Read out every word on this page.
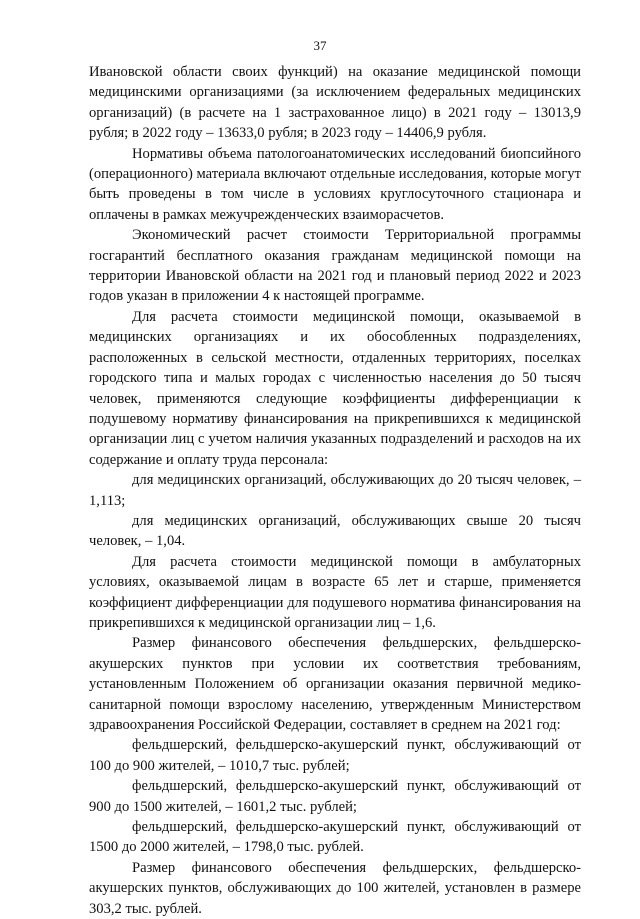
37

Ивановской области своих функций) на оказание медицинской помощи медицинскими организациями (за исключением федеральных медицинских организаций) (в расчете на 1 застрахованное лицо) в 2021 году – 13013,9 рубля; в 2022 году – 13633,0 рубля; в 2023 году – 14406,9 рубля.

Нормативы объема патологоанатомических исследований биопсийного (операционного) материала включают отдельные исследования, которые могут быть проведены в том числе в условиях круглосуточного стационара и оплачены в рамках межучрежденческих взаиморасчетов.

Экономический расчет стоимости Территориальной программы госгарантий бесплатного оказания гражданам медицинской помощи на территории Ивановской области на 2021 год и плановый период 2022 и 2023 годов указан в приложении 4 к настоящей программе.

Для расчета стоимости медицинской помощи, оказываемой в медицинских организациях и их обособленных подразделениях, расположенных в сельской местности, отдаленных территориях, поселках городского типа и малых городах с численностью населения до 50 тысяч человек, применяются следующие коэффициенты дифференциации к подушевому нормативу финансирования на прикрепившихся к медицинской организации лиц с учетом наличия указанных подразделений и расходов на их содержание и оплату труда персонала:

для медицинских организаций, обслуживающих до 20 тысяч человек, – 1,113;

для медицинских организаций, обслуживающих свыше 20 тысяч человек, – 1,04.

Для расчета стоимости медицинской помощи в амбулаторных условиях, оказываемой лицам в возрасте 65 лет и старше, применяется коэффициент дифференциации для подушевого норматива финансирования на прикрепившихся к медицинской организации лиц – 1,6.

Размер финансового обеспечения фельдшерских, фельдшерско-акушерских пунктов при условии их соответствия требованиям, установленным Положением об организации оказания первичной медико-санитарной помощи взрослому населению, утвержденным Министерством здравоохранения Российской Федерации, составляет в среднем на 2021 год:

фельдшерский, фельдшерско-акушерский пункт, обслуживающий от 100 до 900 жителей, – 1010,7 тыс. рублей;

фельдшерский, фельдшерско-акушерский пункт, обслуживающий от 900 до 1500 жителей, – 1601,2 тыс. рублей;

фельдшерский, фельдшерско-акушерский пункт, обслуживающий от 1500 до 2000 жителей, – 1798,0 тыс. рублей.

Размер финансового обеспечения фельдшерских, фельдшерско-акушерских пунктов, обслуживающих до 100 жителей, установлен в размере 303,2 тыс. рублей.
